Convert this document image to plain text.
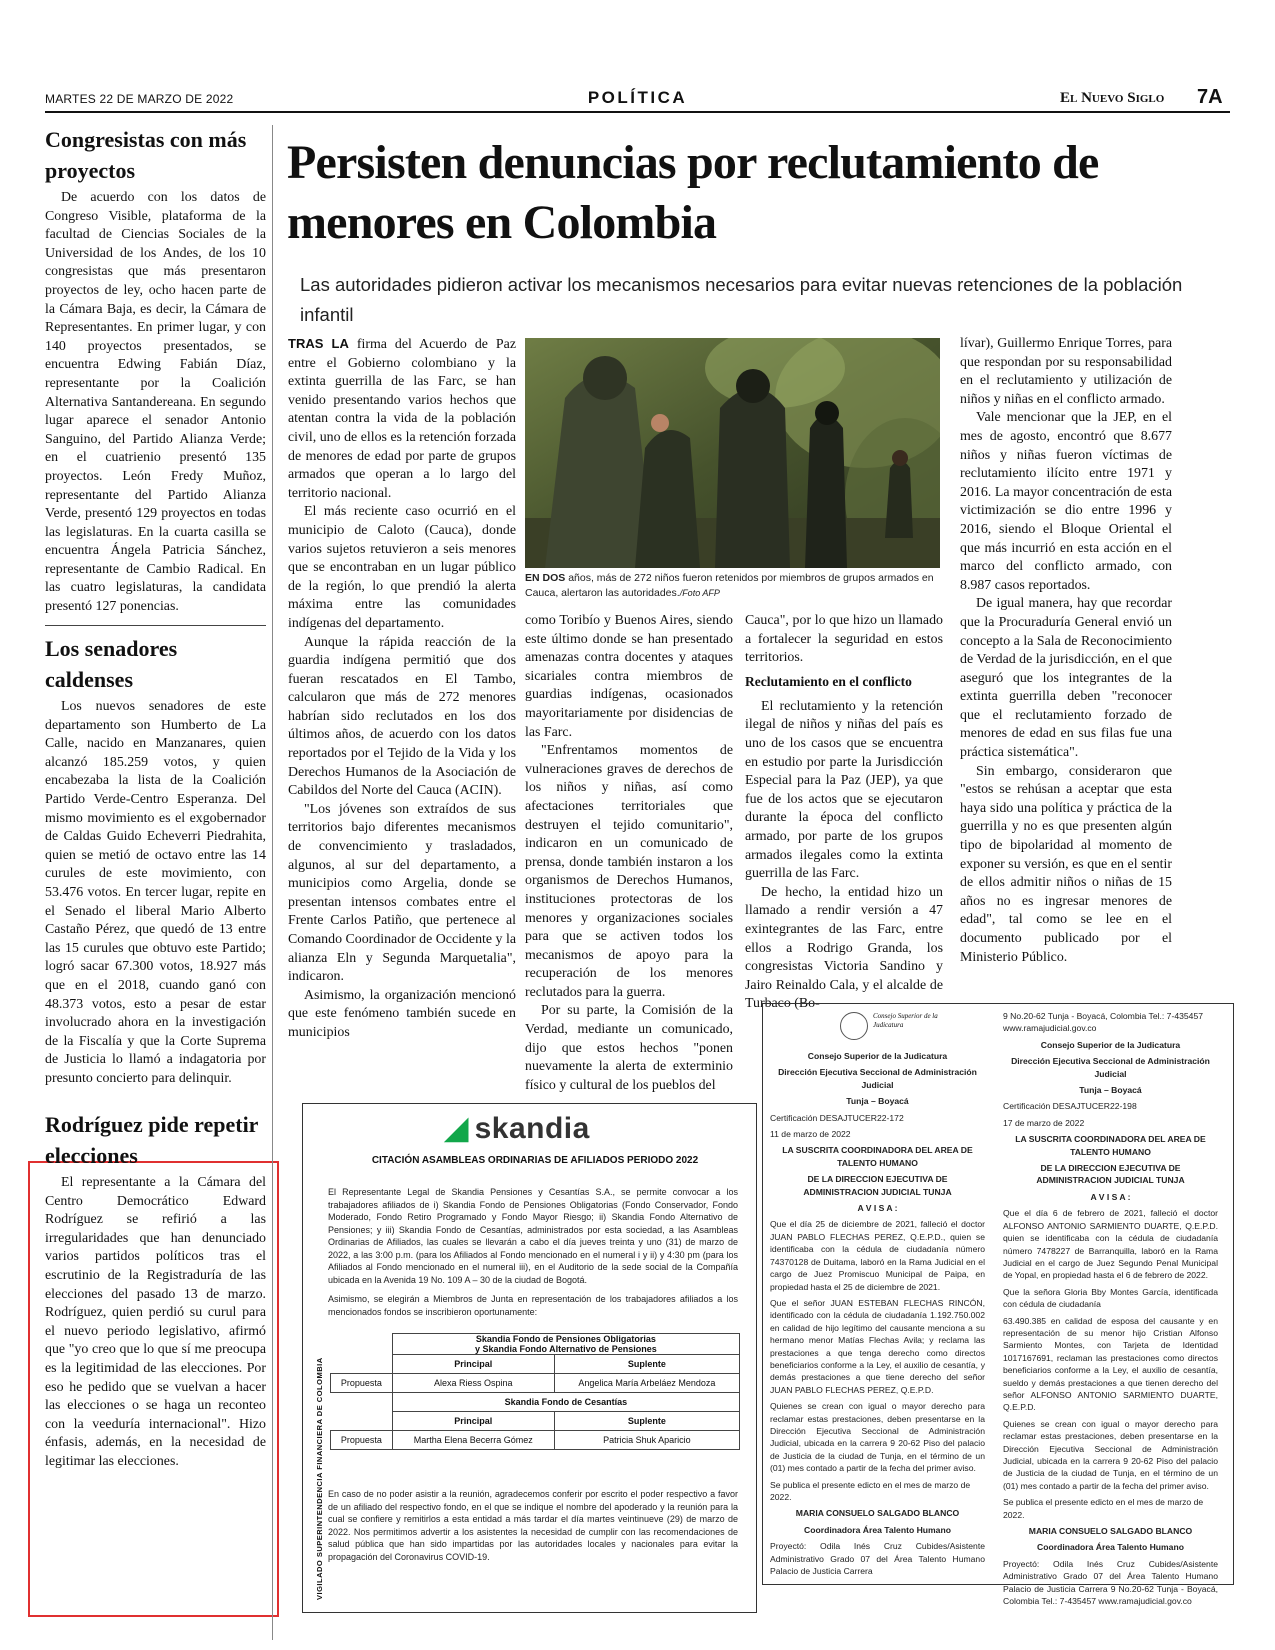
MARTES 22 DE MARZO DE 2022	POLÍTICA	El Nuevo Siglo 7A
Congresistas con más proyectos

De acuerdo con los datos de Congreso Visible, plataforma de la facultad de Ciencias Sociales de la Universidad de los Andes, de los 10 congresistas que más presentaron proyectos de ley, ocho hacen parte de la Cámara Baja, es decir, la Cámara de Representantes. En primer lugar, y con 140 proyectos presentados, se encuentra Edwing Fabián Díaz, representante por la Coalición Alternativa Santandereana. En segundo lugar aparece el senador Antonio Sanguino, del Partido Alianza Verde; en el cuatrienio presentó 135 proyectos. León Fredy Muñoz, representante del Partido Alianza Verde, presentó 129 proyectos en todas las legislaturas. En la cuarta casilla se encuentra Ángela Patricia Sánchez, representante de Cambio Radical. En las cuatro legislaturas, la candidata presentó 127 ponencias.

Los senadores caldenses

Los nuevos senadores de este departamento son Humberto de La Calle, nacido en Manzanares, quien alcanzó 185.259 votos, y quien encabezaba la lista de la Coalición Partido Verde-Centro Esperanza. Del mismo movimiento es el exgobernador de Caldas Guido Echeverri Piedrahita, quien se metió de octavo entre las 14 curules de este movimiento, con 53.476 votos. En tercer lugar, repite en el Senado el liberal Mario Alberto Castaño Pérez, que quedó de 13 entre las 15 curules que obtuvo este Partido; logró sacar 67.300 votos, 18.927 más que en el 2018, cuando ganó con 48.373 votos, esto a pesar de estar involucrado ahora en la investigación de la Fiscalía y que la Corte Suprema de Justicia lo llamó a indagatoria por presunto concierto para delinquir.

Rodríguez pide repetir elecciones

El representante a la Cámara del Centro Democrático Edward Rodríguez se refirió a las irregularidades que han denunciado varios partidos políticos tras el escrutinio de la Registraduría de las elecciones del pasado 13 de marzo. Rodríguez, quien perdió su curul para el nuevo periodo legislativo, afirmó que "yo creo que lo que sí me preocupa es la legitimidad de las elecciones. Por eso he pedido que se vuelvan a hacer las elecciones o se haga un reconteo con la veeduría internacional". Hizo énfasis, además, en la necesidad de legitimar las elecciones.

Persisten denuncias por reclutamiento de menores en Colombia
Las autoridades pidieron activar los mecanismos necesarios para evitar nuevas retenciones de la población infantil

TRAS LA firma del Acuerdo de Paz entre el Gobierno colombiano y la extinta guerrilla de las Farc, se han venido presentando varios hechos que atentan contra la vida de la población civil, uno de ellos es la retención forzada de menores de edad por parte de grupos armados que operan a lo largo del territorio nacional.

El más reciente caso ocurrió en el municipio de Caloto (Cauca), donde varios sujetos retuvieron a seis menores que se encontraban en un lugar público de la región, lo que prendió la alerta máxima entre las comunidades indígenas del departamento.

Aunque la rápida reacción de la guardia indígena permitió que dos fueran rescatados en El Tambo, calcularon que más de 272 menores habrían sido reclutados en los dos últimos años, de acuerdo con los datos reportados por el Tejido de la Vida y los Derechos Humanos de la Asociación de Cabildos del Norte del Cauca (ACIN).

"Los jóvenes son extraídos de sus territorios bajo diferentes mecanismos de convencimiento y trasladados, algunos, al sur del departamento, a municipios como Argelia, donde se presentan intensos combates entre el Frente Carlos Patiño, que pertenece al Comando Coordinador de Occidente y la alianza Eln y Segunda Marquetalia", indicaron.

Asimismo, la organización mencionó que este fenómeno también sucede en municipios

EN DOS años, más de 272 niños fueron retenidos por miembros de grupos armados en Cauca, alertaron las autoridades./Foto AFP

como Toribío y Buenos Aires, siendo este último donde se han presentado amenazas contra docentes y ataques sicariales contra miembros de guardias indígenas, ocasionados mayoritariamente por disidencias de las Farc.

"Enfrentamos momentos de vulneraciones graves de derechos de los niños y niñas, así como afectaciones territoriales que destruyen el tejido comunitario", indicaron en un comunicado de prensa, donde también instaron a los organismos de Derechos Humanos, instituciones protectoras de los menores y organizaciones sociales para que se activen todos los mecanismos de apoyo para la recuperación de los menores reclutados para la guerra.

Por su parte, la Comisión de la Verdad, mediante un comunicado, dijo que estos hechos "ponen nuevamente la alerta de exterminio físico y cultural de los pueblos del

Cauca", por lo que hizo un llamado a fortalecer la seguridad en estos territorios.

Reclutamiento en el conflicto

El reclutamiento y la retención ilegal de niños y niñas del país es uno de los casos que se encuentra en estudio por parte la Jurisdicción Especial para la Paz (JEP), ya que fue de los actos que se ejecutaron durante la época del conflicto armado, por parte de los grupos armados ilegales como la extinta guerrilla de las Farc.

De hecho, la entidad hizo un llamado a rendir versión a 47 exintegrantes de las Farc, entre ellos a Rodrigo Granda, los congresistas Victoria Sandino y Jairo Reinaldo Cala, y el alcalde de Turbaco (Bo-

lívar), Guillermo Enrique Torres, para que respondan por su responsabilidad en el reclutamiento y utilización de niños y niñas en el conflicto armado.

Vale mencionar que la JEP, en el mes de agosto, encontró que 8.677 niños y niñas fueron víctimas de reclutamiento ilícito entre 1971 y 2016. La mayor concentración de esta victimización se dio entre 1996 y 2016, siendo el Bloque Oriental el que más incurrió en esta acción en el marco del conflicto armado, con 8.987 casos reportados.

De igual manera, hay que recordar que la Procuraduría General envió un concepto a la Sala de Reconocimiento de Verdad de la jurisdicción, en el que aseguró que los integrantes de la extinta guerrilla deben "reconocer que el reclutamiento forzado de menores de edad en sus filas fue una práctica sistemática".

Sin embargo, consideraron que "estos se rehúsan a aceptar que esta haya sido una política y práctica de la guerrilla y no es que presenten algún tipo de bipolaridad al momento de exponer su versión, es que en el sentir de ellos admitir niños o niñas de 15 años no es ingresar menores de edad", tal como se lee en el documento publicado por el Ministerio Público.

◢ skandia
CITACIÓN ASAMBLEAS ORDINARIAS DE AFILIADOS PERIODO 2022
El Representante Legal de Skandia Pensiones y Cesantías S.A., se permite convocar a los trabajadores afiliados de i) Skandia Fondo de Pensiones Obligatorias (Fondo Conservador, Fondo Moderado, Fondo Retiro Programado y Fondo Mayor Riesgo; ii) Skandia Fondo Alternativo de Pensiones; y iii) Skandia Fondo de Cesantías, administrados por esta sociedad, a las Asambleas Ordinarias de Afiliados, las cuales se llevarán a cabo el día jueves treinta y uno (31) de marzo de 2022, a las 3:00 p.m. (para los Afiliados al Fondo mencionado en el numeral i y ii) y 4:30 pm (para los Afiliados al Fondo mencionado en el numeral iii), en el Auditorio de la sede social de la Compañía ubicada en la Avenida 19 No. 109 A – 30 de la ciudad de Bogotá.
Asimismo, se elegirán a Miembros de Junta en representación de los trabajadores afiliados a los mencionados fondos se inscribieron oportunamente:
	Skandia Fondo de Pensiones Obligatorias
y Skandia Fondo Alternativo de Pensiones	
	Principal	Suplente
Propuesta	Alexa Riess Ospina	Angelica María Arbeláez Mendoza
	Skandia Fondo de Cesantías	
	Principal	Suplente
Propuesta	Martha Elena Becerra Gómez	Patricia Shuk Aparicio
En caso de no poder asistir a la reunión, agradecemos conferir por escrito el poder respectivo a favor de un afiliado del respectivo fondo, en el que se indique el nombre del apoderado y la reunión para la cual se confiere y remitirlos a esta entidad a más tardar el día martes veintinueve (29) de marzo de 2022. Nos permitimos advertir a los asistentes la necesidad de cumplir con las recomendaciones de salud pública que han sido impartidas por las autoridades locales y nacionales para evitar la propagación del Coronavirus COVID-19.
VIGILADO SUPERINTENDENCIA FINANCIERA DE COLOMBIA
Consejo Superior de la Judicatura
Consejo Superior de la Judicatura
Dirección Ejecutiva Seccional de Administración Judicial
Tunja – Boyacá
Certificación DESAJTUCER22-172
11 de marzo de 2022
LA SUSCRITA COORDINADORA DEL AREA DE TALENTO HUMANO
DE LA DIRECCION EJECUTIVA DE ADMINISTRACION JUDICIAL TUNJA
A V I S A :
Que el día 25 de diciembre de 2021, falleció el doctor JUAN PABLO FLECHAS PEREZ, Q.E.P.D., quien se identificaba con la cédula de ciudadanía número 74370128 de Duitama, laboró en la Rama Judicial en el cargo de Juez Promiscuo Municipal de Paipa, en propiedad hasta el 25 de diciembre de 2021.
Que el señor JUAN ESTEBAN FLECHAS RINCÓN, identificado con la cédula de ciudadanía 1.192.750.002 en calidad de hijo legítimo del causante menciona a su hermano menor Matías Flechas Avila; y reclama las prestaciones a que tenga derecho como directos beneficiarios conforme a la Ley, el auxilio de cesantía, y demás prestaciones a que tiene derecho del señor JUAN PABLO FLECHAS PEREZ, Q.E.P.D.
Quienes se crean con igual o mayor derecho para reclamar estas prestaciones, deben presentarse en la Dirección Ejecutiva Seccional de Administración Judicial, ubicada en la carrera 9 20-62 Piso del palacio de Justicia de la ciudad de Tunja, en el término de un (01) mes contado a partir de la fecha del primer aviso.
Se publica el presente edicto en el mes de marzo de 2022.
MARIA CONSUELO SALGADO BLANCO
Coordinadora Área Talento Humano
Proyectó: Odila Inés Cruz Cubides/Asistente Administrativo Grado 07 del Área Talento Humano Palacio de Justicia Carrera
9 No.20-62 Tunja - Boyacá, Colombia Tel.: 7-435457 www.ramajudicial.gov.co
Consejo Superior de la Judicatura
Dirección Ejecutiva Seccional de Administración Judicial
Tunja – Boyacá
Certificación DESAJTUCER22-198
17 de marzo de 2022
LA SUSCRITA COORDINADORA DEL AREA DE TALENTO HUMANO
DE LA DIRECCION EJECUTIVA DE ADMINISTRACION JUDICIAL TUNJA
A V I S A :
Que el día 6 de febrero de 2021, falleció el doctor ALFONSO ANTONIO SARMIENTO DUARTE, Q.E.P.D. quien se identificaba con la cédula de ciudadanía número 7478227 de Barranquilla, laboró en la Rama Judicial en el cargo de Juez Segundo Penal Municipal de Yopal, en propiedad hasta el 6 de febrero de 2022.
Que la señora Gloria Bby Montes García, identificada con cédula de ciudadanía
63.490.385 en calidad de esposa del causante y en representación de su menor hijo Cristian Alfonso Sarmiento Montes, con Tarjeta de Identidad 1017167691, reclaman las prestaciones como directos beneficiarios conforme a la Ley, el auxilio de cesantía, sueldo y demás prestaciones a que tienen derecho del señor ALFONSO ANTONIO SARMIENTO DUARTE, Q.E.P.D.
Quienes se crean con igual o mayor derecho para reclamar estas prestaciones, deben presentarse en la Dirección Ejecutiva Seccional de Administración Judicial, ubicada en la carrera 9 20-62 Piso del palacio de Justicia de la ciudad de Tunja, en el término de un (01) mes contado a partir de la fecha del primer aviso.
Se publica el presente edicto en el mes de marzo de 2022.
MARIA CONSUELO SALGADO BLANCO
Coordinadora Área Talento Humano
Proyectó: Odila Inés Cruz Cubides/Asistente Administrativo Grado 07 del Área Talento Humano Palacio de Justicia Carrera 9 No.20-62 Tunja - Boyacá, Colombia Tel.: 7-435457 www.ramajudicial.gov.co
